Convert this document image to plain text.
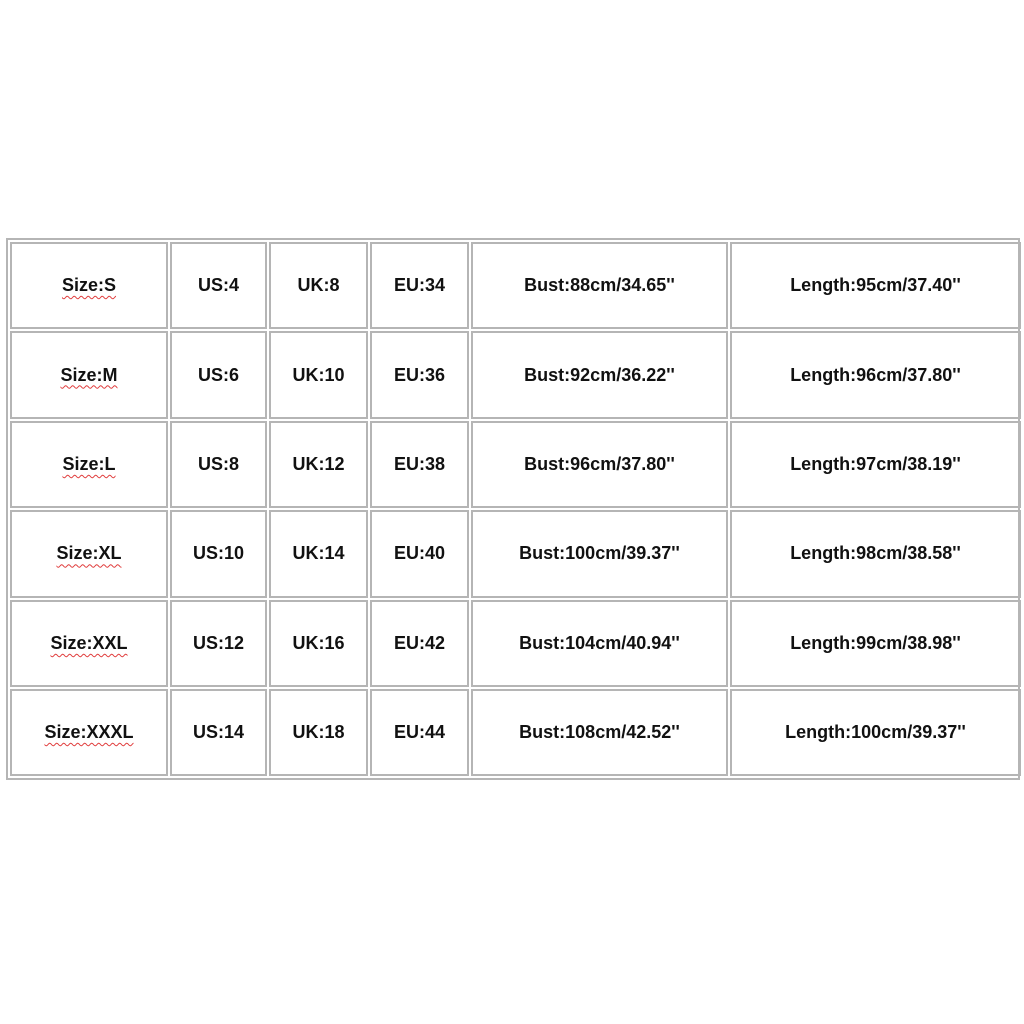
Size:S	US:4	UK:8	EU:34	Bust:88cm/34.65''	Length:95cm/37.40''
Size:M	US:6	UK:10	EU:36	Bust:92cm/36.22''	Length:96cm/37.80''
Size:L	US:8	UK:12	EU:38	Bust:96cm/37.80''	Length:97cm/38.19''
Size:XL	US:10	UK:14	EU:40	Bust:100cm/39.37''	Length:98cm/38.58''
Size:XXL	US:12	UK:16	EU:42	Bust:104cm/40.94''	Length:99cm/38.98''
Size:XXXL	US:14	UK:18	EU:44	Bust:108cm/42.52''	Length:100cm/39.37''
